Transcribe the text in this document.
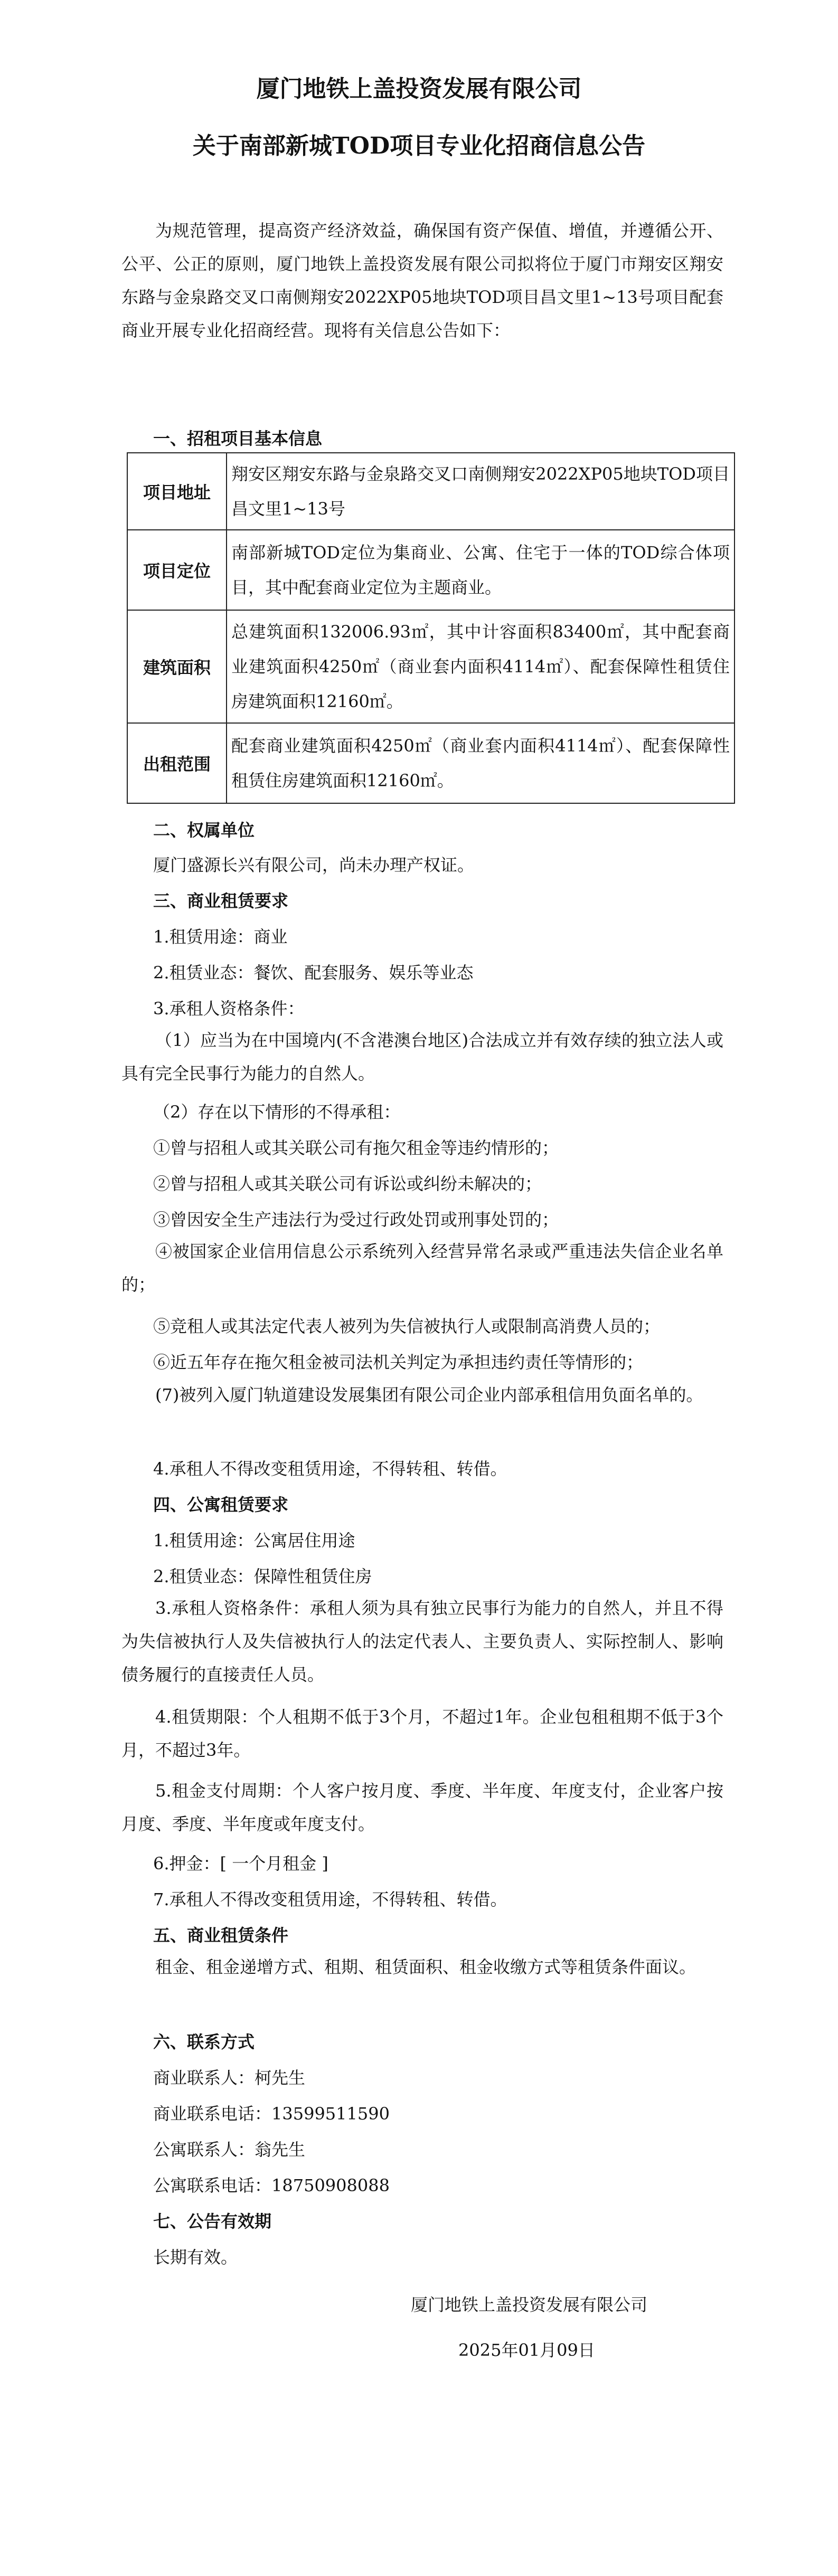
厦门地铁上盖投资发展有限公司
关于南部新城TOD项目专业化招商信息公告
为规范管理，提高资产经济效益，确保国有资产保值、增值，并遵循公开、公平、公正的原则，厦门地铁上盖投资发展有限公司拟将位于厦门市翔安区翔安东路与金泉路交叉口南侧翔安2022XP05地块TOD项目昌文里1~13号项目配套商业开展专业化招商经营。现将有关信息公告如下：
一、招租项目基本信息
项目地址	翔安区翔安东路与金泉路交叉口南侧翔安2022XP05地块TOD项目昌文里1~13号
项目定位	南部新城TOD定位为集商业、公寓、住宅于一体的TOD综合体项目，其中配套商业定位为主题商业。
建筑面积	总建筑面积132006.93㎡，其中计容面积83400㎡，其中配套商业建筑面积4250㎡（商业套内面积4114㎡）、配套保障性租赁住房建筑面积12160㎡。
出租范围	配套商业建筑面积4250㎡（商业套内面积4114㎡）、配套保障性租赁住房建筑面积12160㎡。
二、权属单位
厦门盛源长兴有限公司，尚未办理产权证。
三、商业租赁要求
1.租赁用途：商业
2.租赁业态：餐饮、配套服务、娱乐等业态
3.承租人资格条件：
（1）应当为在中国境内(不含港澳台地区)合法成立并有效存续的独立法人或具有完全民事行为能力的自然人。
（2）存在以下情形的不得承租：
①曾与招租人或其关联公司有拖欠租金等违约情形的；
②曾与招租人或其关联公司有诉讼或纠纷未解决的；
③曾因安全生产违法行为受过行政处罚或刑事处罚的；
④被国家企业信用信息公示系统列入经营异常名录或严重违法失信企业名单的；
⑤竞租人或其法定代表人被列为失信被执行人或限制高消费人员的；
⑥近五年存在拖欠租金被司法机关判定为承担违约责任等情形的；
(7)被列入厦门轨道建设发展集团有限公司企业内部承租信用负面名单的。
4.承租人不得改变租赁用途，不得转租、转借。
四、公寓租赁要求
1.租赁用途：公寓居住用途
2.租赁业态：保障性租赁住房
3.承租人资格条件：承租人须为具有独立民事行为能力的自然人，并且不得为失信被执行人及失信被执行人的法定代表人、主要负责人、实际控制人、影响债务履行的直接责任人员。
4.租赁期限：个人租期不低于3个月，不超过1年。企业包租租期不低于3个月，不超过3年。
5.租金支付周期：个人客户按月度、季度、半年度、年度支付，企业客户按月度、季度、半年度或年度支付。
6.押金：[ 一个月租金 ]
7.承租人不得改变租赁用途，不得转租、转借。
五、商业租赁条件
租金、租金递增方式、租期、租赁面积、租金收缴方式等租赁条件面议。
六、联系方式
商业联系人：柯先生
商业联系电话：13599511590
公寓联系人：翁先生
公寓联系电话：18750908088
七、公告有效期
长期有效。
厦门地铁上盖投资发展有限公司
2025年01月09日
